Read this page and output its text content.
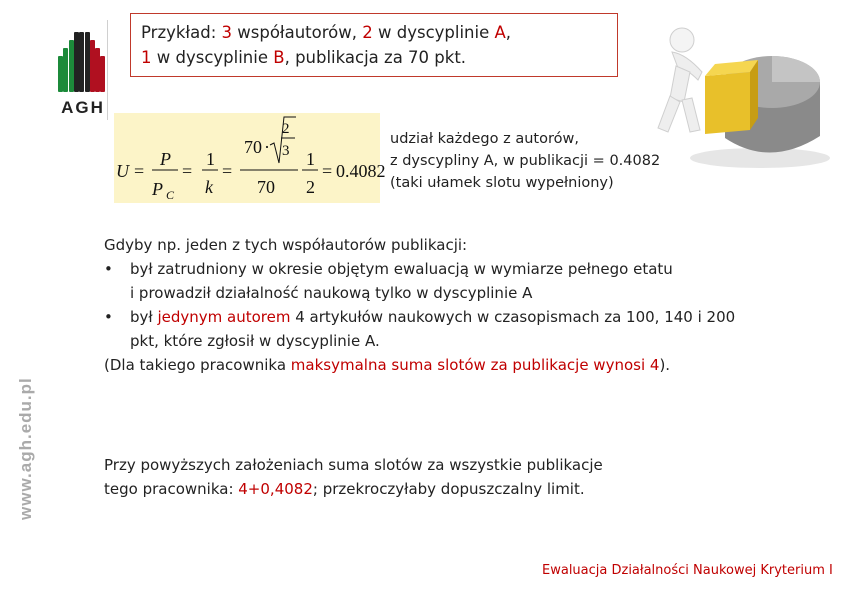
AGH
www.agh.edu.pl
Przykład: 3 współautorów, 2 w dyscyplinie A,
1 w dyscyplinie B, publikacja za 70 pkt.
U =
P
P C
=
1
k
=
70 ·
2
3
70
1
2
= 0.4082
udział każdego z autorów,
z dyscypliny A, w publikacji = 0.4082
(taki ułamek slotu wypełniony)

Gdyby np. jeden z tych współautorów publikacji:

•	był zatrudniony w okresie objętym ewaluacją w wymiarze pełnego etatu
i prowadził działalność naukową tylko w dyscyplinie A
•	był jedynym autorem 4 artykułów naukowych w czasopismach za 100, 140 i 200
pkt, które zgłosił w dyscyplinie A.

(Dla takiego pracownika maksymalna suma slotów za publikacje wynosi 4).

Przy powyższych założeniach suma slotów za wszystkie publikacje
tego pracownika: 4+0,4082; przekroczyłaby dopuszczalny limit.
Ewaluacja Działalności Naukowej Kryterium I
